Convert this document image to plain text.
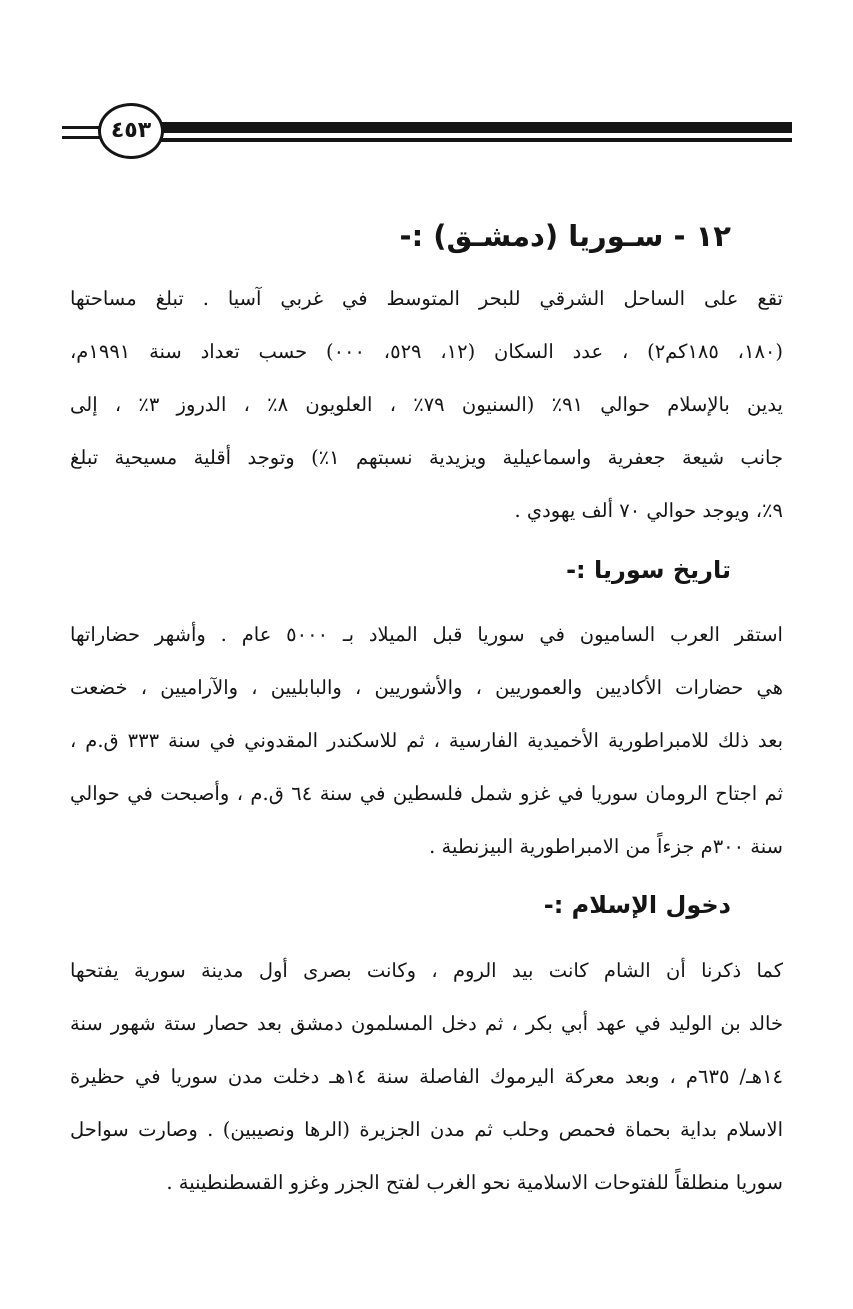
٤٥٣
١٢ - سـوريا (دمشـق) :-
تقع على الساحل الشرقي للبحر المتوسط في غربي آسيا . تبلغ مساحتها
(١٨٠، ١٨٥كم٢) ، عدد السكان (١٢، ٥٢٩، ٠٠٠) حسب تعداد سنة ١٩٩١م،
يدين بالإسلام حوالي ٩١٪ (السنيون ٧٩٪ ، العلويون ٨٪ ، الدروز ٣٪ ، إلى
جانب شيعة جعفرية واسماعيلية ويزيدية نسبتهم ١٪) وتوجد أقلية مسيحية تبلغ
٩٪، ويوجد حوالي ٧٠ ألف يهودي .
تاريخ سوريا :-
استقر العرب الساميون في سوريا قبل الميلاد بـ ٥٠٠٠ عام . وأشهر حضاراتها
هي حضارات الأكاديين والعموريين ، والأشوريين ، والبابليين ، والآراميين ، خضعت
بعد ذلك للامبراطورية الأخميدية الفارسية ، ثم للاسكندر المقدوني في سنة ٣٣٣ ق.م ،
ثم اجتاح الرومان سوريا في غزو شمل فلسطين في سنة ٦٤ ق.م ، وأصبحت في حوالي
سنة ٣٠٠م جزءاً من الامبراطورية البيزنطية .
دخول الإسلام :-
كما ذكرنا أن الشام كانت بيد الروم ، وكانت بصرى أول مدينة سورية يفتحها
خالد بن الوليد في عهد أبي بكر ، ثم دخل المسلمون دمشق بعد حصار ستة شهور سنة
١٤هـ/ ٦٣٥م ، وبعد معركة اليرموك الفاصلة سنة ١٤هـ دخلت مدن سوريا في حظيرة
الاسلام بداية بحماة فحمص وحلب ثم مدن الجزيرة (الرها ونصيبين) . وصارت سواحل
سوريا منطلقاً للفتوحات الاسلامية نحو الغرب لفتح الجزر وغزو القسطنطينية .
